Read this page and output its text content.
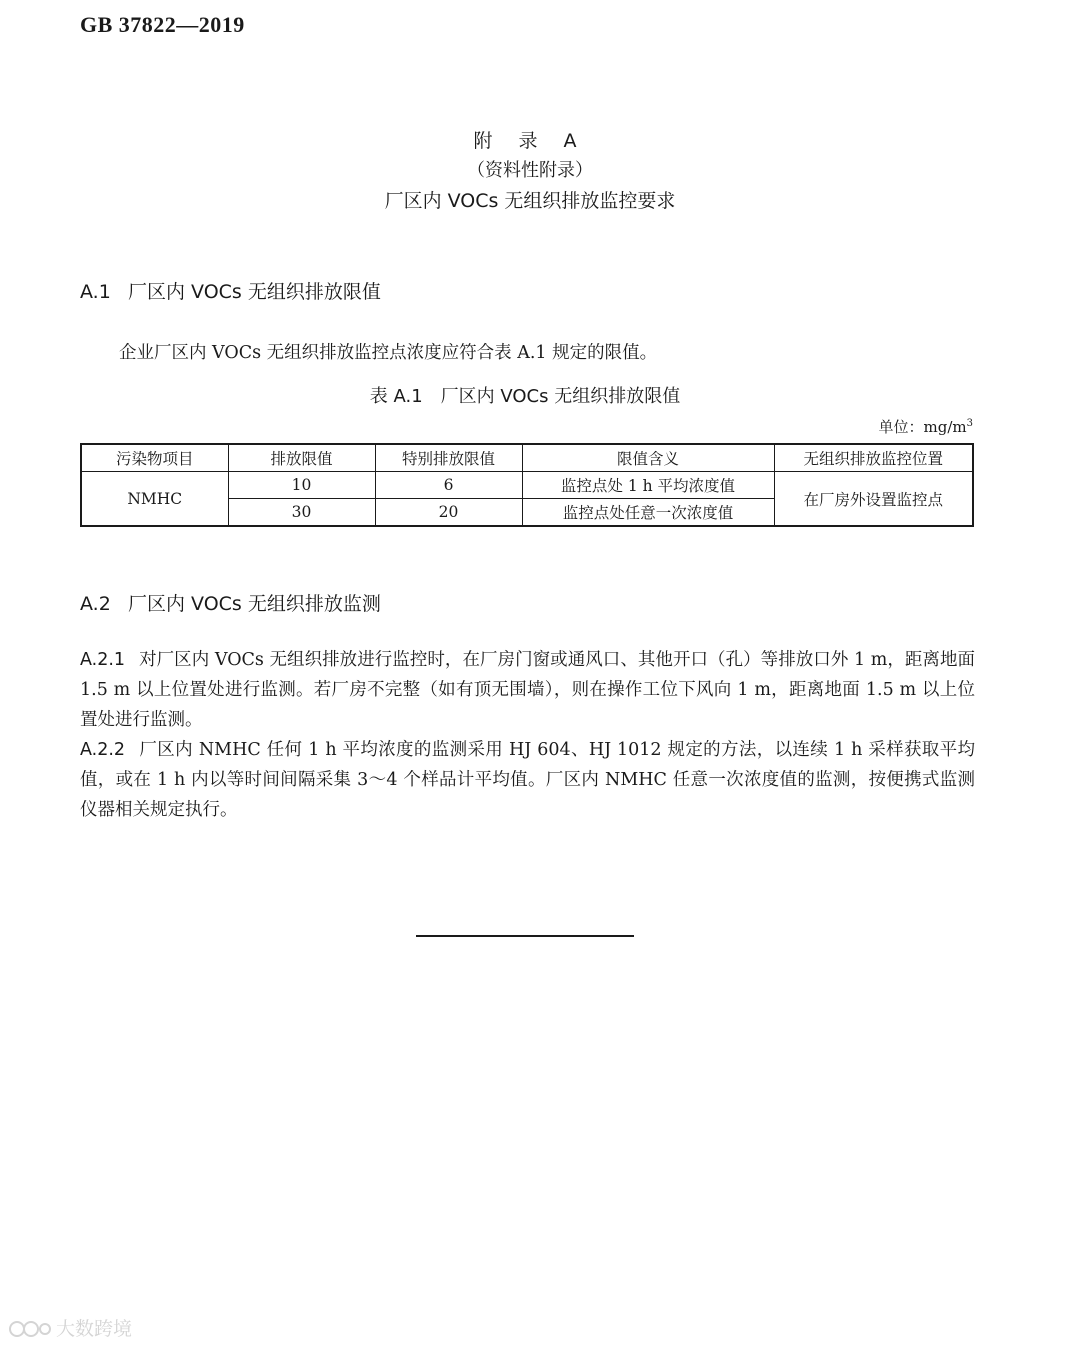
GB 37822—2019
附 录 A
（资料性附录）
厂区内 VOCs 无组织排放监控要求
A.1 厂区内 VOCs 无组织排放限值
企业厂区内 VOCs 无组织排放监控点浓度应符合表 A.1 规定的限值。
表 A.1 厂区内 VOCs 无组织排放限值
单位：$mg/m^3$
污染物项目	排放限值	特别排放限值	限值含义	无组织排放监控位置
NMHC	10	6	监控点处 1 h 平均浓度值	在厂房外设置监控点
	30	20	监控点处任意一次浓度值	
A.2 厂区内 VOCs 无组织排放监测
A.2.1 对厂区内 VOCs 无组织排放进行监控时，在厂房门窗或通风口、其他开口（孔）等排放口外 1 m，距离地面 1.5 m 以上位置处进行监测。若厂房不完整（如有顶无围墙），则在操作工位下风向 1 m，距离地面 1.5 m 以上位置处进行监测。
A.2.2 厂区内 NMHC 任何 1 h 平均浓度的监测采用 HJ 604、HJ 1012 规定的方法，以连续 1 h 采样获取平均值，或在 1 h 内以等时间间隔采集 3～4 个样品计平均值。厂区内 NMHC 任意一次浓度值的监测，按便携式监测仪器相关规定执行。
大数跨境
